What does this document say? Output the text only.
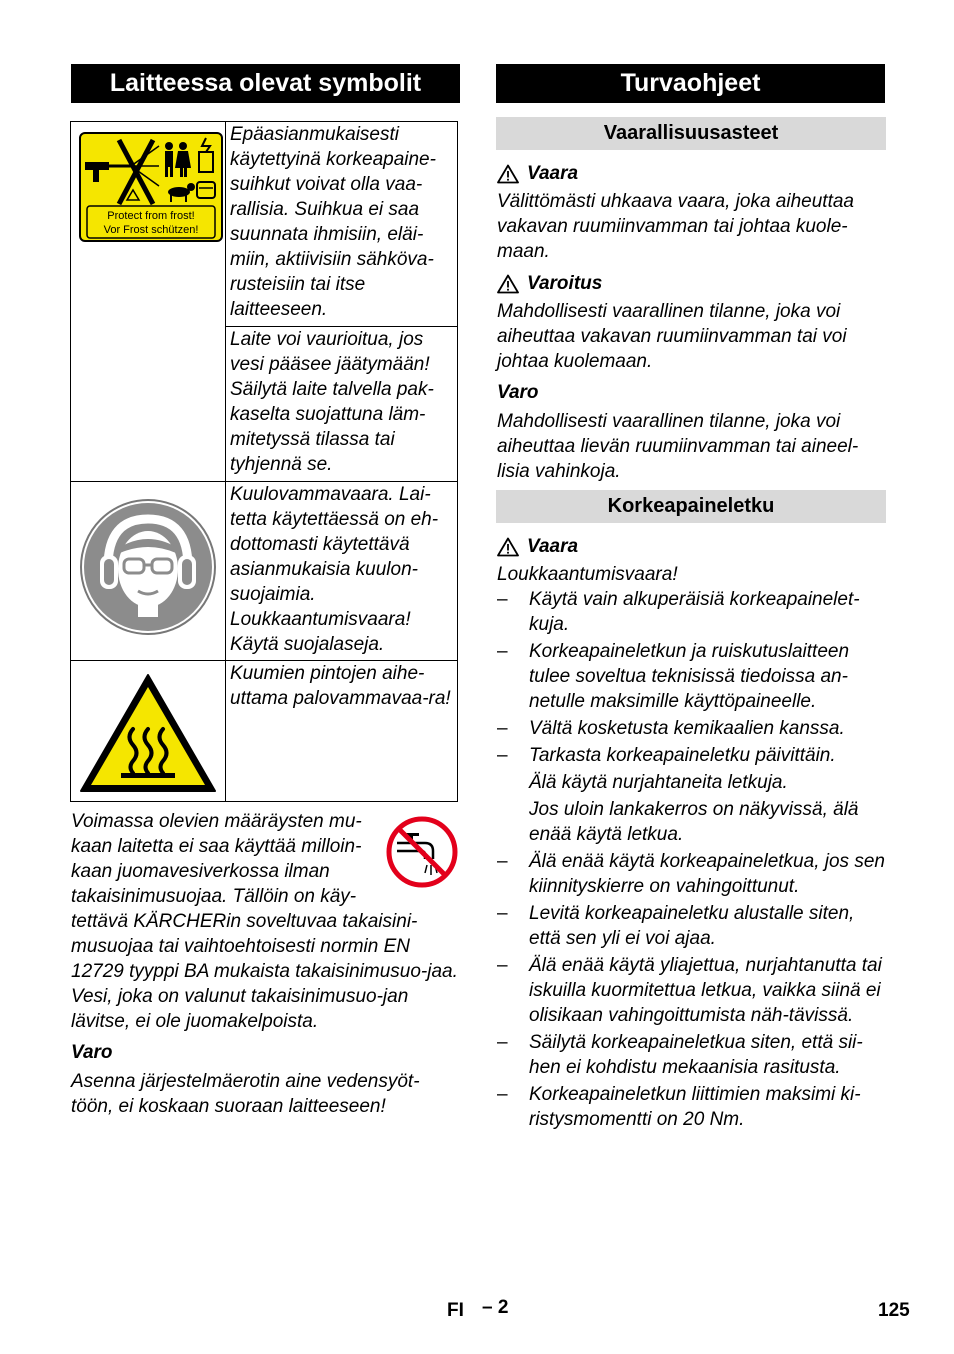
Laitteessa olevat symbolit
Protect from frost!
Vor Frost schützen!	Epäasianmukaisesti käytettyinä korkeapaine-suihkut voivat olla vaa-rallisia. Suihkua ei saa suunnata ihmisiin, eläi-miin, aktiivisiin sähköva-rusteisiin tai itse laitteeseen.

	Laite voi vaurioitua, jos vesi pääsee jäätymään! Säilytä laite talvella pak-kaselta suojattuna läm-mitetyssä tilassa tai tyhjennä se.

Kuulovammavaara. Lai-tetta käytettäessä on eh-dottomasti käytettävä asianmukaisia kuulon-suojaimia. Loukkaantumisvaara! Käytä suojalaseja.

Kuumien pintojen aihe-uttama palovammavaa-ra!

Voimassa olevien määräysten mu-kaan laitetta ei saa käyttää milloin-kaan juomavesiverkossa ilman takaisinimusuojaa. Tällöin on käy-tettävä KÄRCHERin soveltuvaa takaisini-musuojaa tai vaihtoehtoisesti normin EN 12729 tyyppi BA mukaista takaisinimusuo-jaa. Vesi, joka on valunut takaisinimusuo-jan lävitse, ei ole juomakelpoista.

Varo

Asenna järjestelmäerotin aine vedensyöt-töön, ei koskaan suoraan laitteeseen!

Turvaohjeet
Vaarallisuusasteet
Vaara

Välittömästi uhkaava vaara, joka aiheuttaa vakavan ruumiinvamman tai johtaa kuole-maan.

Varoitus

Mahdollisesti vaarallinen tilanne, joka voi aiheuttaa vakavan ruumiinvamman tai voi johtaa kuolemaan.

Varo

Mahdollisesti vaarallinen tilanne, joka voi aiheuttaa lievän ruumiinvamman tai aineel-lisia vahinkoja.

Korkeapaineletku
Vaara

Loukkaantumisvaara!

– Käytä vain alkuperäisiä korkeapainelet-kuja.
– Korkeapaineletkun ja ruiskutuslaitteen tulee soveltua teknisissä tiedoissa an-netulle maksimille käyttöpaineelle.
– Vältä kosketusta kemikaalien kanssa.
– Tarkasta korkeapaineletku päivittäin.
Älä käytä nurjahtaneita letkuja.
Jos uloin lankakerros on näkyvissä, älä enää käytä letkua.
– Älä enää käytä korkeapaineletkua, jos sen kiinnityskierre on vahingoittunut.
– Levitä korkeapaineletku alustalle siten, että sen yli ei voi ajaa.
– Älä enää käytä yliajettua, nurjahtanutta tai iskuilla kuormitettua letkua, vaikka siinä ei olisikaan vahingoittumista näh-tävissä.
– Säilytä korkeapaineletkua siten, että sii-hen ei kohdistu mekaanisia rasitusta.
– Korkeapaineletkun liittimien maksimi ki-ristysmomentti on 20 Nm.
FI – 2	125
